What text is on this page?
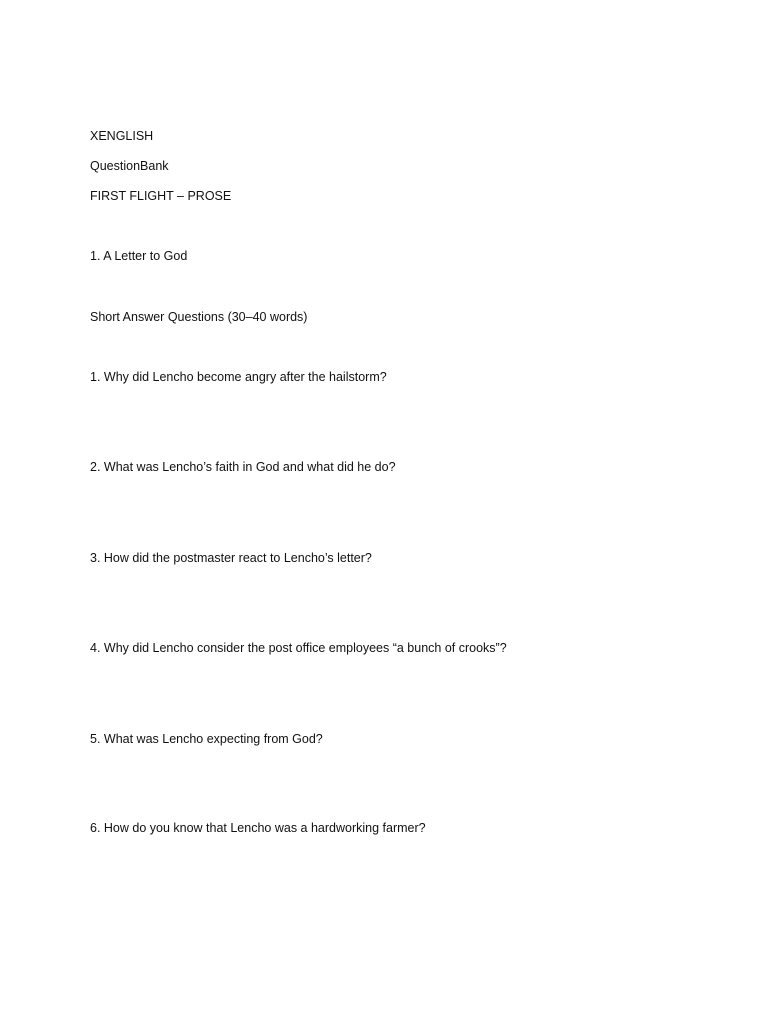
XENGLISH
QuestionBank
FIRST FLIGHT – PROSE
1. A Letter to God
Short Answer Questions (30–40 words)
1. Why did Lencho become angry after the hailstorm?
2. What was Lencho’s faith in God and what did he do?
3. How did the postmaster react to Lencho’s letter?
4. Why did Lencho consider the post office employees “a bunch of crooks”?
5. What was Lencho expecting from God?
6. How do you know that Lencho was a hardworking farmer?
